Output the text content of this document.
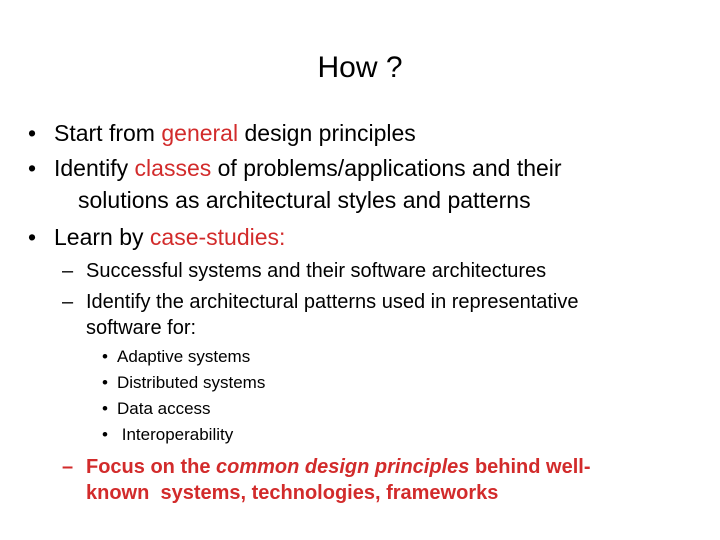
How ?
• Start from general design principles
• Identify classes of problems/applications and their
solutions as architectural styles and patterns
• Learn by case-studies:
– Successful systems and their software architectures
– Identify the architectural patterns used in representative
software for:
• Adaptive systems
• Distributed systems
• Data access
• Interoperability
– Focus on the common design principles behind well-
known  systems, technologies, frameworks
